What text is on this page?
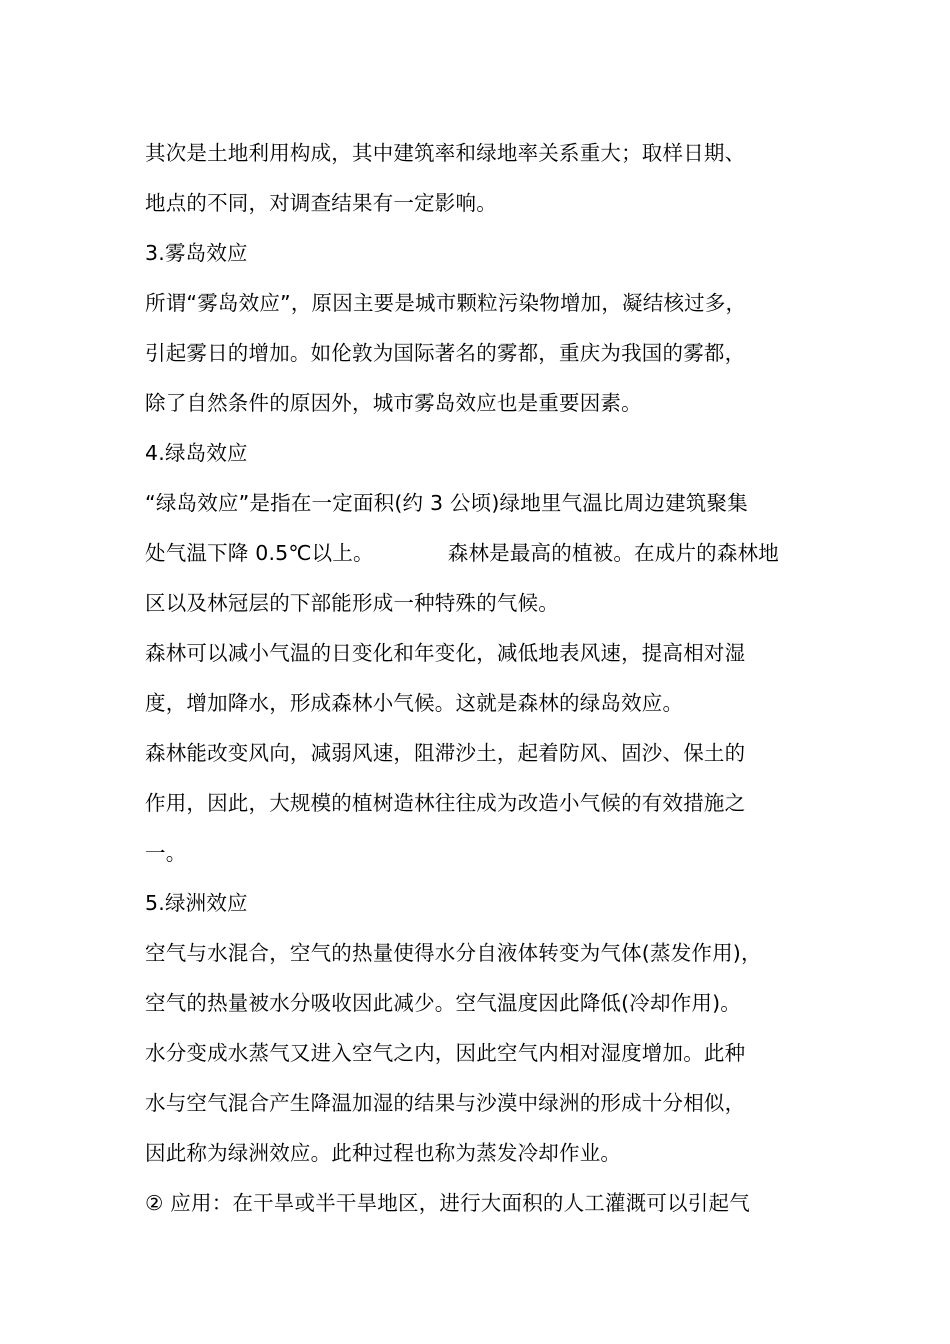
其次是土地利用构成，其中建筑率和绿地率关系重大；取样日期、
地点的不同，对调查结果有一定影响。
3.雾岛效应
所谓“雾岛效应”，原因主要是城市颗粒污染物增加，凝结核过多，
引起雾日的增加。如伦敦为国际著名的雾都，重庆为我国的雾都，
除了自然条件的原因外，城市雾岛效应也是重要因素。
4.绿岛效应
“绿岛效应”是指在一定面积(约 3 公顷)绿地里气温比周边建筑聚集
处气温下降 0.5℃以上。	森林是最高的植被。在成片的森林地
区以及林冠层的下部能形成一种特殊的气候。
森林可以减小气温的日变化和年变化，减低地表风速，提高相对湿
度，增加降水，形成森林小气候。这就是森林的绿岛效应。
森林能改变风向，减弱风速，阻滞沙土，起着防风、固沙、保土的
作用，因此，大规模的植树造林往往成为改造小气候的有效措施之
一。
5.绿洲效应
空气与水混合，空气的热量使得水分自液体转变为气体(蒸发作用)，
空气的热量被水分吸收因此减少。空气温度因此降低(冷却作用)。
水分变成水蒸气又进入空气之内，因此空气内相对湿度增加。此种
水与空气混合产生降温加湿的结果与沙漠中绿洲的形成十分相似，
因此称为绿洲效应。此种过程也称为蒸发冷却作业。
② 应用：在干旱或半干旱地区，进行大面积的人工灌溉可以引起气
